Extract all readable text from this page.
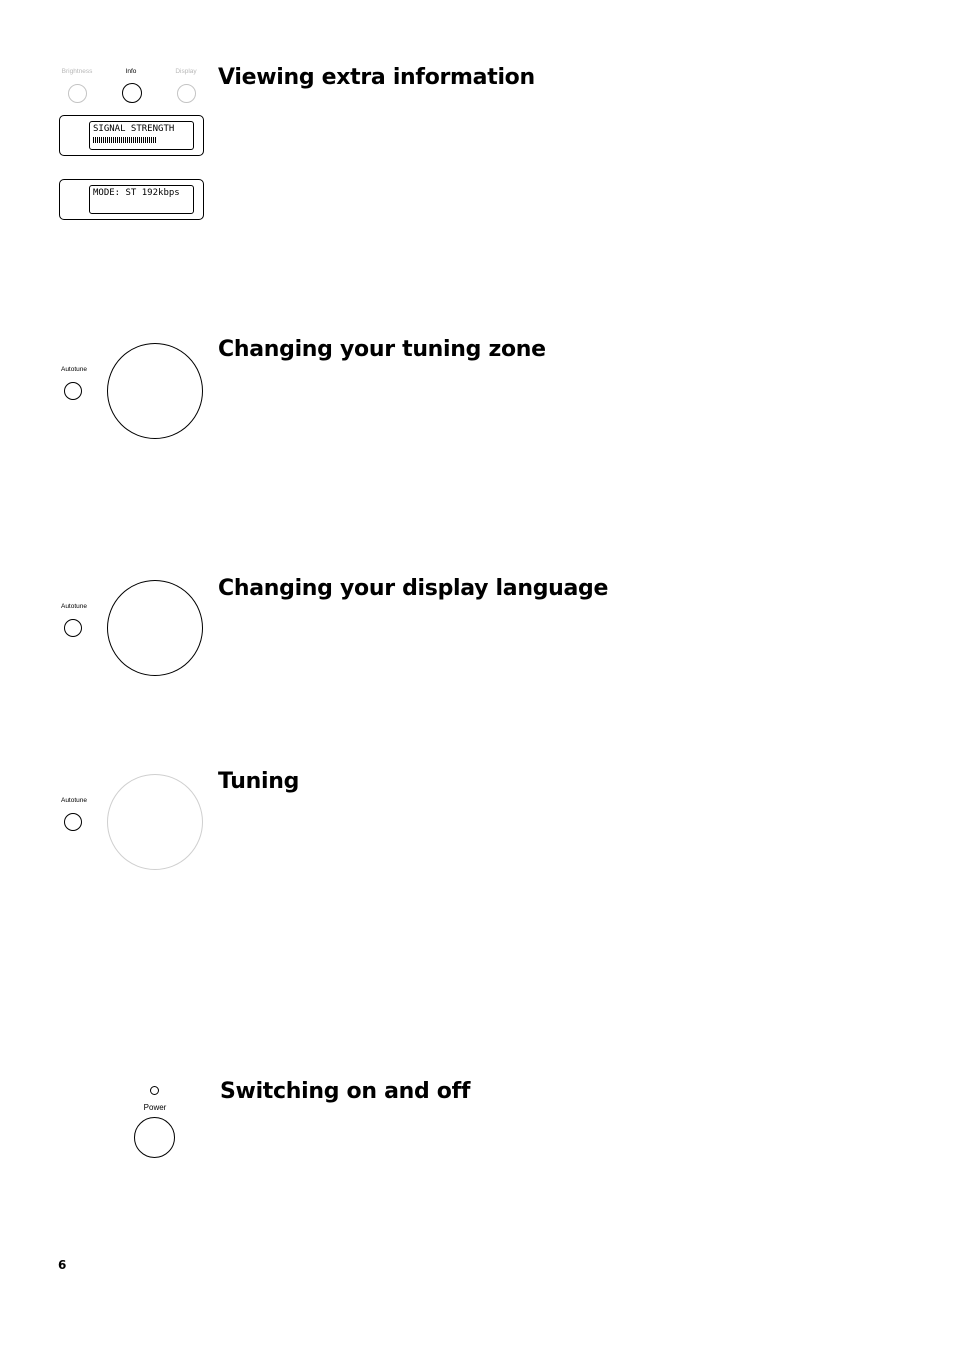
Brightness	Info	Display Viewing extra information
SIGNAL STRENGTH
MODE: ST 192kbps
Autotune
Changing your tuning zone
Autotune
Changing your display language
Autotune
Tuning
Power
Switching on and off
6
